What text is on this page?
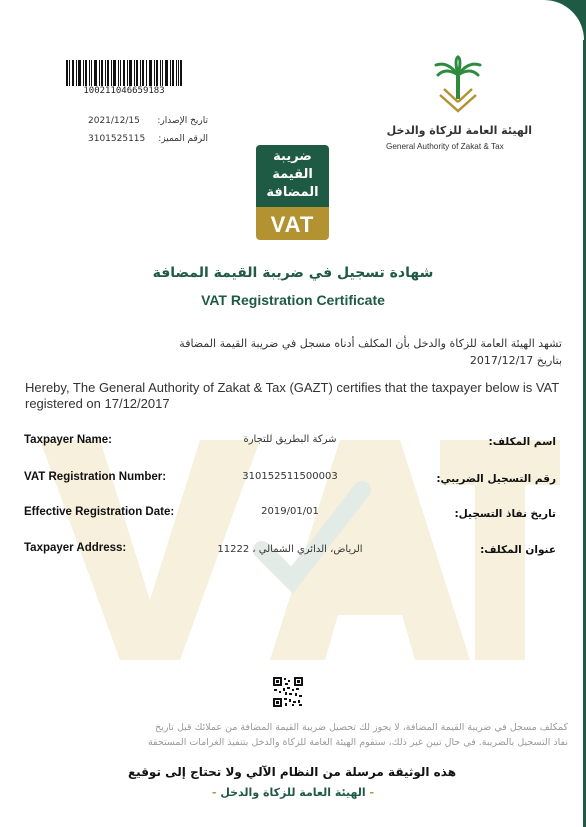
100211046659183
2021/12/15	تاريخ الإصدار:
3101525115	الرقم المميز:
الهيئة العامة للزكاة والدخل
General Authority of Zakat & Tax
ضريبة
القيمة
المضافة
VAT
شهادة تسجيل في ضريبة القيمة المضافة
VAT Registration Certificate
تشهد الهيئة العامة للزكاة والدخل بأن المكلف أدناه مسجل في ضريبة القيمة المضافة
بتاريخ 2017/12/17
Hereby, The General Authority of Zakat & Tax (GAZT) certifies that the taxpayer below is VAT registered on 17/12/2017
Taxpayer Name:	شركة البطريق للتجارة	اسم المكلف:
VAT Registration Number:	310152511500003	رقم التسجيل الضريبي:
Effective Registration Date:	2019/01/01	تاريخ نفاذ التسجيل:
Taxpayer Address:	الرياض، الدائري الشمالي ، 11222	عنوان المكلف:
كمكلف مسجل في ضريبة القيمة المضافة، لا يجوز لك تحصيل ضريبة القيمة المضافة من عملائك قبل تاريخ
نفاذ التسجيل بالضريبة. في حال تبين غير ذلك، ستقوم الهيئة العامة للزكاة والدخل بتنفيذ الغرامات المستحقة
هذه الوثيقة مرسلة من النظام الآلي ولا تحتاج إلى توقيع
- الهيئة العامة للزكاة والدخل -
